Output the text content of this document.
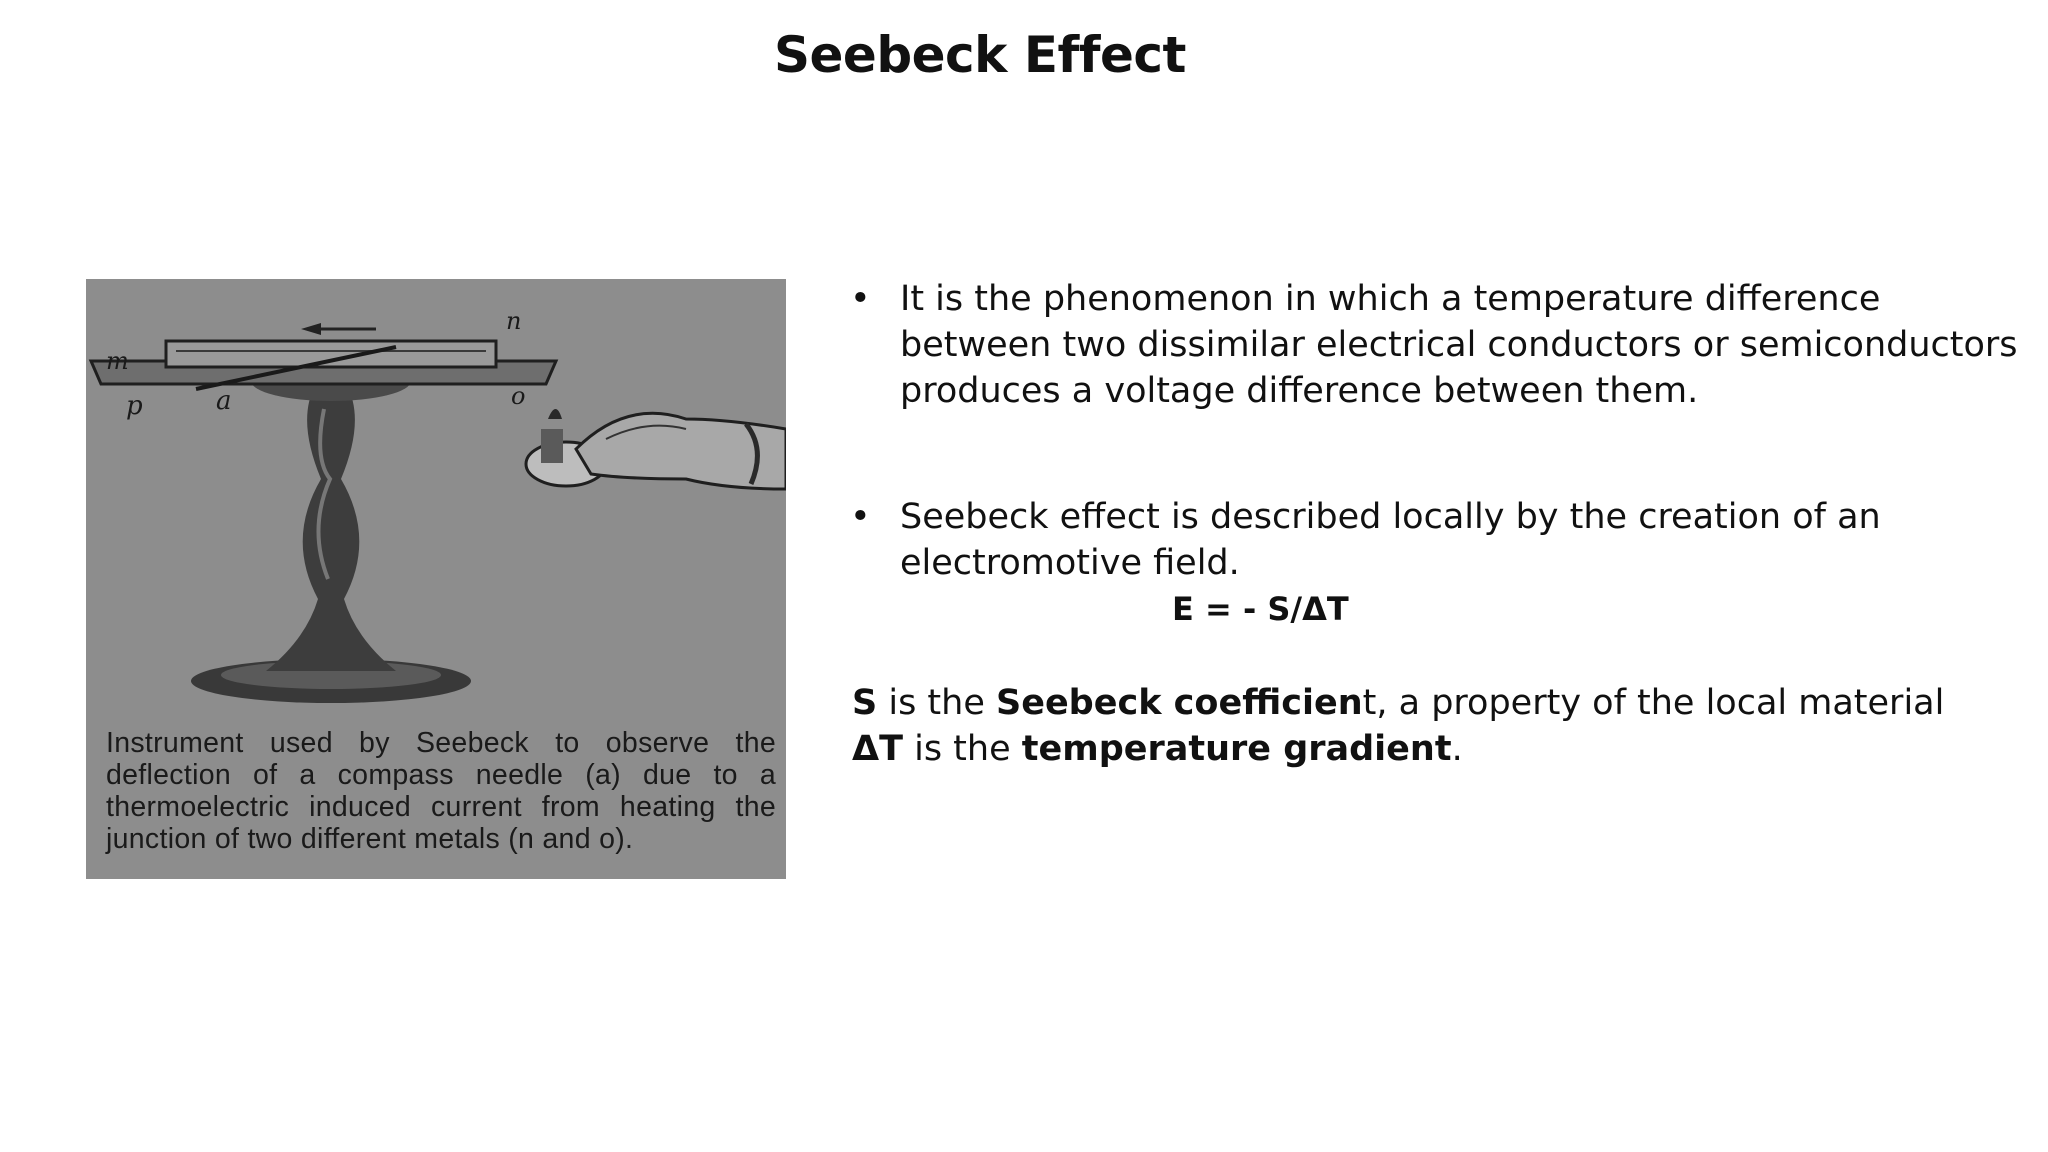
Seebeck Effect
m
n
p	a	o
Instrument used by Seebeck to observe the deflection of a compass needle (a) due to a thermoelectric induced current from heating the junction of two different metals (n and o).
• It is the phenomenon in which a temperature difference between two dissimilar electrical conductors or semiconductors produces a voltage difference between them.
• Seebeck effect is described locally by the creation of an electromotive field.
E = - S/ΔT
S is the Seebeck coefficient, a property of the local material
ΔT is the temperature gradient.
